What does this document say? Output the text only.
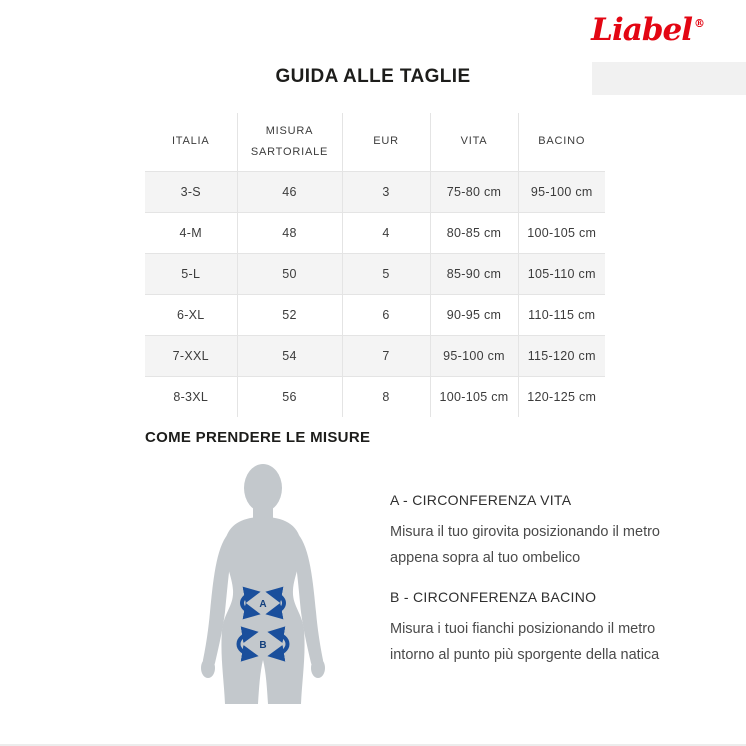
Liabel ®
GUIDA ALLE TAGLIE
ITALIA	MISURA SARTORIALE	EUR	VITA	BACINO
3-S	46	3	75-80 cm	95-100 cm
4-M	48	4	80-85 cm	100-105 cm
5-L	50	5	85-90 cm	105-110 cm
6-XL	52	6	90-95 cm	110-115 cm
7-XXL	54	7	95-100 cm	115-120 cm
8-3XL	56	8	100-105 cm	120-125 cm
COME PRENDERE LE MISURE
A
B
A - CIRCONFERENZA VITA
Misura il tuo girovita posizionando il metro appena sopra al tuo ombelico
B - CIRCONFERENZA BACINO
Misura i tuoi fianchi posizionando il metro intorno al punto più sporgente della natica
